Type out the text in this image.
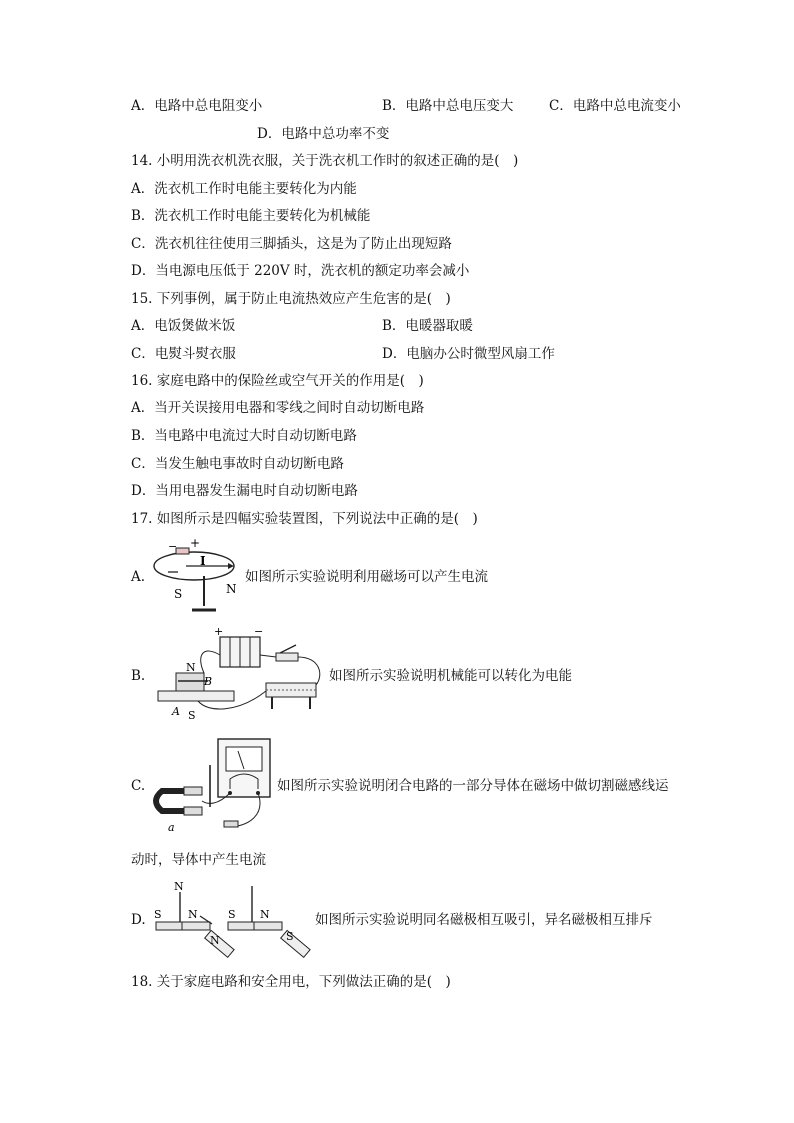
A．电路中总电阻变小	B．电路中总电压变大	C．电路中总电流变小
D．电路中总功率不变
14. 小明用洗衣机洗衣服，关于洗衣机工作时的叙述正确的是(　)
A．洗衣机工作时电能主要转化为内能
B．洗衣机工作时电能主要转化为机械能
C．洗衣机往往使用三脚插头，这是为了防止出现短路
D．当电源电压低于 220V 时，洗衣机的额定功率会减小
15. 下列事例，属于防止电流热效应产生危害的是(　)
A．电饭煲做米饭	B．电暖器取暖
C．电熨斗熨衣服	D．电脑办公时微型风扇工作
16. 家庭电路中的保险丝或空气开关的作用是(　)
A．当开关误接用电器和零线之间时自动切断电路
B．当电路中电流过大时自动切断电路
C．当发生触电事故时自动切断电路
D．当用电器发生漏电时自动切断电路
17. 如图所示是四幅实验装置图，下列说法中正确的是(　)
A.
− +
I
S	N
如图所示实验说明利用磁场可以产生电流
B.
+	−
N
B
A S
如图所示实验说明机械能可以转化为电能
C.
a
如图所示实验说明闭合电路的一部分导体在磁场中做切割磁感线运
动时，导体中产生电流
D.
N
S N	S N
N	S
如图所示实验说明同名磁极相互吸引，异名磁极相互排斥
18. 关于家庭电路和安全用电，下列做法正确的是(　)
